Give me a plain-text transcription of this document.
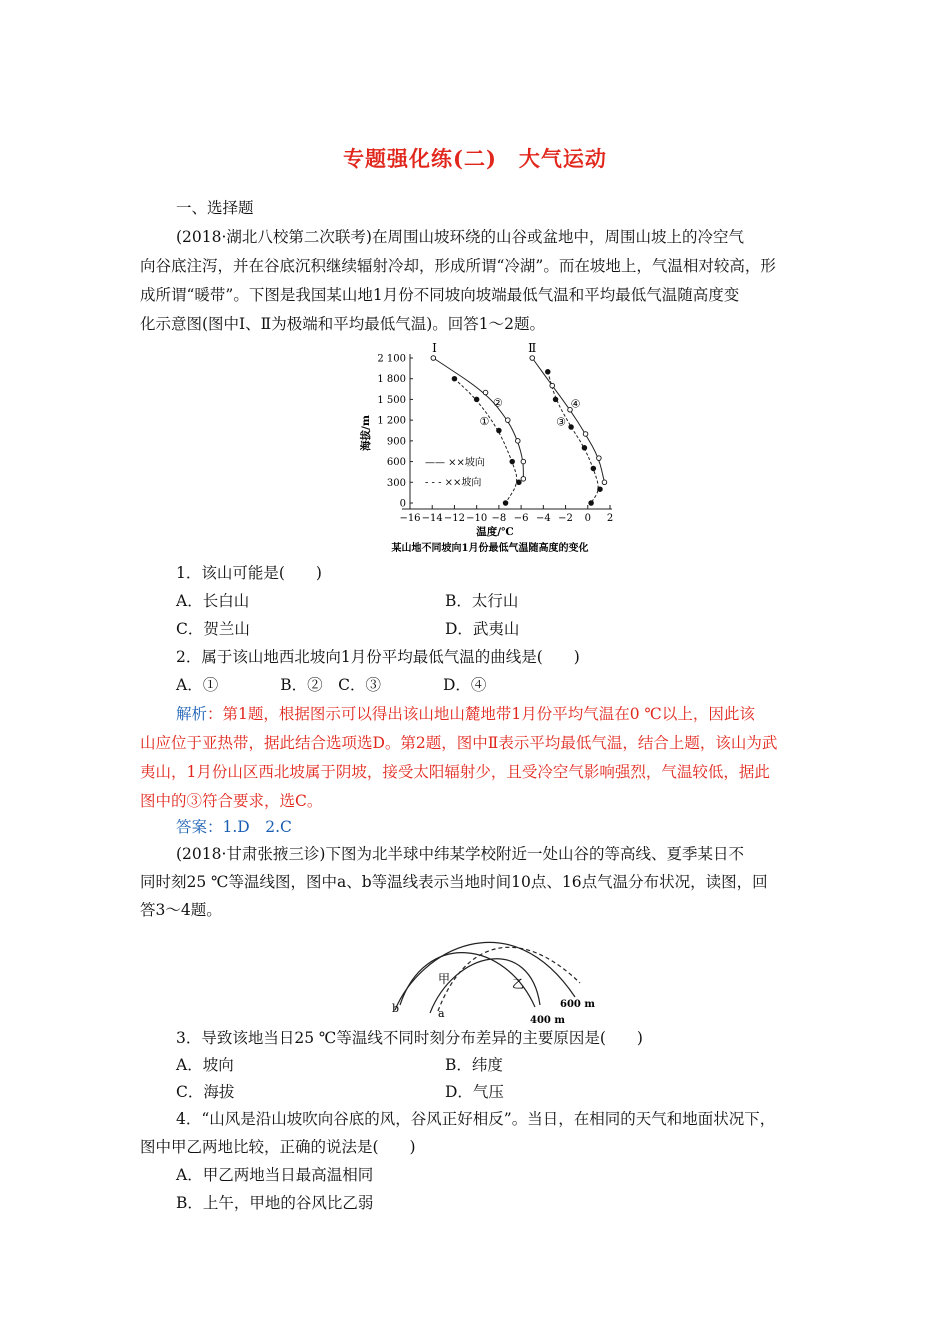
专题强化练(二)　大气运动
一、选择题
(2018·湖北八校第二次联考)在周围山坡环绕的山谷或盆地中，周围山坡上的冷空气
向谷底注泻，并在谷底沉积继续辐射冷却，形成所谓“冷湖”。而在坡地上，气温相对较高，形
成所谓“暖带”。下图是我国某山地1月份不同坡向坡端最低气温和平均最低气温随高度变
化示意图(图中Ⅰ、Ⅱ为极端和平均最低气温)。回答1～2题。
0
300
600
900
1 200
1 500
1 800
2 100
−16 −14 −12 −10 −8 −6 −4 −2 0 2
温度/℃
海拔/m
Ⅰ	Ⅱ
①
②
③
④
—— ××坡向
- - - ××坡向
某山地不同坡向1月份最低气温随高度的变化
1．该山可能是(　　)
A．长白山	B．太行山
C．贺兰山	D．武夷山
2．属于该山地西北坡向1月份平均最低气温的曲线是(　　)
A．①　　　　B．②　C．③　　　　D．④
解析：第1题，根据图示可以得出该山地山麓地带1月份平均气温在0 ℃以上，因此该
山应位于亚热带，据此结合选项选D。第2题，图中Ⅱ表示平均最低气温，结合上题，该山为武
夷山，1月份山区西北坡属于阴坡，接受太阳辐射少，且受冷空气影响强烈，气温较低，据此
图中的③符合要求，选C。
答案：1.D　2.C
(2018·甘肃张掖三诊)下图为北半球中纬某学校附近一处山谷的等高线、夏季某日不
同时刻25 ℃等温线图，图中a、b等温线表示当地时间10点、16点气温分布状况，读图，回
答3～4题。
甲	乙
b	a
600 m
400 m
3．导致该地当日25 ℃等温线不同时刻分布差异的主要原因是(　　)
A．坡向	B．纬度
C．海拔	D．气压
4．“山风是沿山坡吹向谷底的风，谷风正好相反”。当日，在相同的天气和地面状况下，
图中甲乙两地比较，正确的说法是(　　)
A．甲乙两地当日最高温相同
B．上午，甲地的谷风比乙弱
